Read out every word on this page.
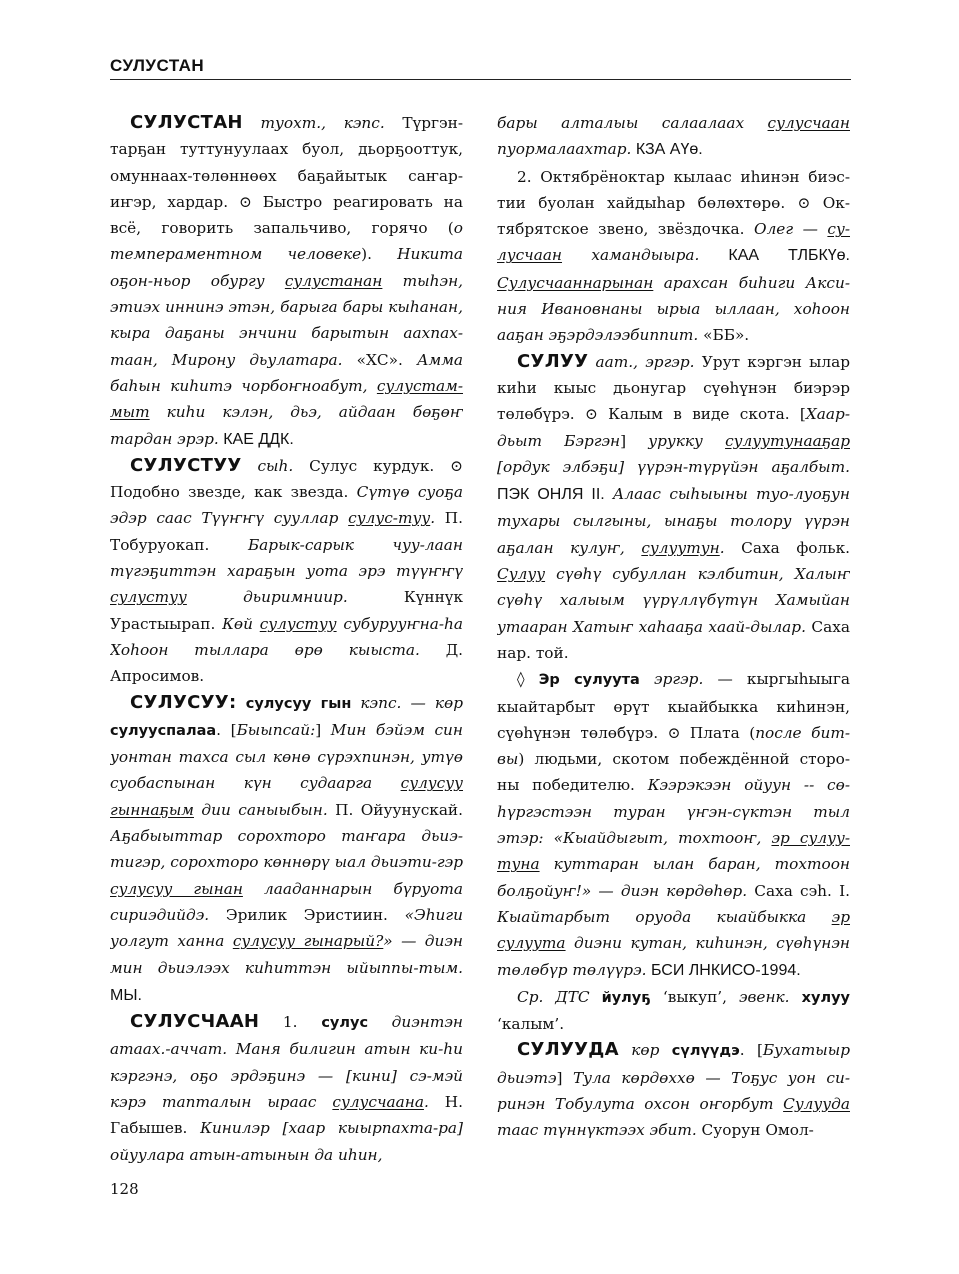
СУЛУСТАН

СУЛУСТАН туохт., кэпс. Түргэн-тарҕан туттунуулаах буол, дьорҕооттук, омуннаах-төлөннөөх баҕайытык саҥар-иҥэр, хардар. ⊙ Быстро реагировать на всё, говорить запальчиво, горячо (о темпераментном человеке). Никита оҕон-ньор обургу сулустанан тыһэн, этиэх иннинэ этэн, барыга бары кыһанан, кыра даҕаны энчини барытын аахпах-таан, Мирону дьулатара. «ХС». Амма баһын киһитэ чорбоҥноабут, сулустам-мыт киһи кэлэн, дьэ, айдаан бөҕөҥ тардан эрэр. КАЕ ДДК.

СУЛУСТУУ сыһ. Сулус курдук. ⊙ Подобно звезде, как звезда. Сүтүө суоҕа эдэр саас Түүҥҥү сууллар сулус-туу. П. Тобуруокап. Барык-сарык чуу-лаан түгэҕиттэн хараҕын уота эрэ түүҥҥү сулустуу дьиримниир. Күннүк Урастыырап. Көй сулустуу субурууҥна-һа Хоһоон тыллара өрө кыыста. Д. Апросимов.

СУЛУСУУ: сулусуу гын кэпс. — көр сулууспалаа. [Быыпсай:] Мин бэйэм син уонтан тахса сыл көнө сүрэхпинэн, утүө суобаспынан күн судаарга сулусуу гыннаҕым дии саныыбын. П. Ойуунускай. Аҕабыыттар сорохторо таҥара дьиэ-тигэр, сорохторо көннөрү ыал дьиэти-гэр сулусуу гынан лааданнарын бүруота сириэдийдэ. Эрилик Эристиин. «Эһиги уолгут ханна сулусуу гынарый?» — диэн мин дьиэлээх киһиттэн ыйыппы-тым. МЫ.

СУЛУСЧААН 1. сулус диэнтэн атаах.-аччат. Маня билигин атын ки-һи кэргэнэ, оҕо эрдэҕинэ — [кини] сэ-мэй кэрэ тапталын ыраас сулусчаана. Н. Габышев. Кинилэр [хаар кыырпахта-ра] ойуулара атын-атынын да иһин,

бары алталыы салаалаах сулусчаан пуормалаахтар. КЗА АҮө.

2. Октябрёноктар кылаас иһинэн биэс-тии буолан хайдыһар бөлөхтөрө. ⊙ Ок-тябрятское звено, звёздочка. Олег — су-лусчаан хамандыыра. КАА ТЛБКҮө. Сулусчааннарынан арахсан биһиги Акси-ния Ивановнаны ырыа ыллаан, хоһоон ааҕан эҕэрдэлээбиппит. «ББ».

СУЛУУ аат., эргэр. Урут кэргэн ылар киһи кыыс дьонугар сүөһүнэн биэрэр төлөбүрэ. ⊙ Калым в виде скота. [Хаар-дьыт Бэргэн] урукку сулуутунааҕар [ордук элбэҕи] үүрэн-түрүйэн аҕалбыт. ПЭК ОНЛЯ II. Алаас сыһыыны туо-луоҕун тухары сылгыны, ынаҕы толору үүрэн аҕалан кулуҥ, сулуутун. Саха фольк. Сулуу сүөһү субуллан кэлбитин, Халыҥ сүөһү халыым үүрүллүбүтүн Хамыйан утааран Хатыҥ хаһааҕа хаай-дылар. Саха нар. той.

◊ Эр сулуута эргэр. — кыргыһыыга кыайтарбыт өрүт кыайбыкка киһинэн, сүөһүнэн төлөбүрэ. ⊙ Плата (после бит-вы) людьми, скотом побеждённой сторо-ны победителю. Кээрэкээн ойуун -- сө-һүргэстээн туран үҥэн-сүктэн тыл этэр: «Кыайдыгыт, тохтооҥ, эр сулуу-туна куттаран ылан баран, тохтоон болҕойуҥ!» — диэн көрдөһөр. Саха сэһ. I. Кыайтарбыт оруода кыайбыкка эр сулуута диэни кутан, киһинэн, сүөһүнэн төлөбүр төлүүрэ. БСИ ЛНКИСО-1994.

Ср. ДТС йулуҕ ‘выкуп’, эвенк. хулуу ‘калым’.

СУЛУУДА көр сүлүүдэ. [Бухатыыр дьиэтэ] Тула көрдөххө — Тоҕус уон си-ринэн Тобулута охсон оҥорбут Сулууда таас түннүктээх эбит. Суорун Омол-

128
